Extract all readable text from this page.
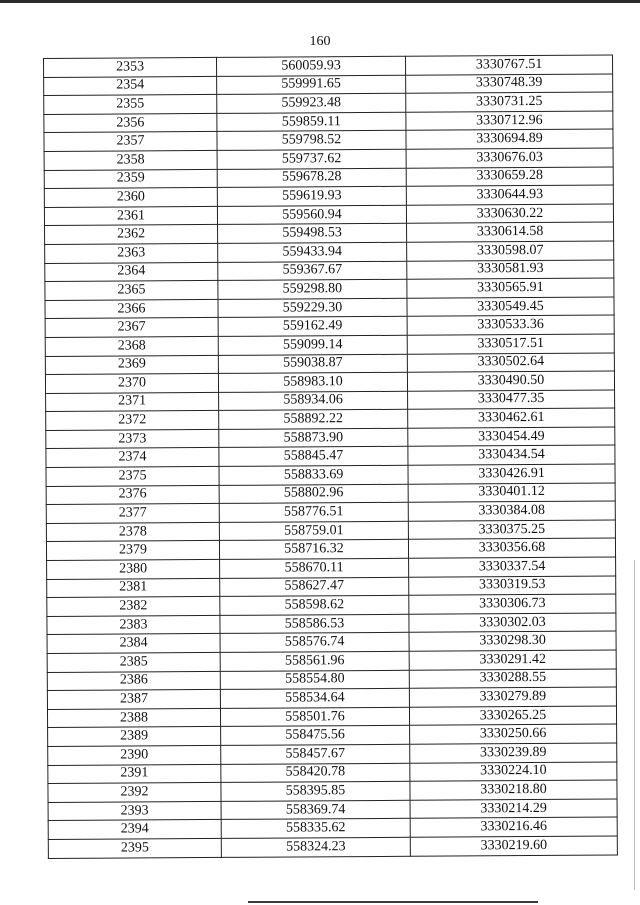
160
2353	560059.93	3330767.51
2354	559991.65	3330748.39
2355	559923.48	3330731.25
2356	559859.11	3330712.96
2357	559798.52	3330694.89
2358	559737.62	3330676.03
2359	559678.28	3330659.28
2360	559619.93	3330644.93
2361	559560.94	3330630.22
2362	559498.53	3330614.58
2363	559433.94	3330598.07
2364	559367.67	3330581.93
2365	559298.80	3330565.91
2366	559229.30	3330549.45
2367	559162.49	3330533.36
2368	559099.14	3330517.51
2369	559038.87	3330502.64
2370	558983.10	3330490.50
2371	558934.06	3330477.35
2372	558892.22	3330462.61
2373	558873.90	3330454.49
2374	558845.47	3330434.54
2375	558833.69	3330426.91
2376	558802.96	3330401.12
2377	558776.51	3330384.08
2378	558759.01	3330375.25
2379	558716.32	3330356.68
2380	558670.11	3330337.54
2381	558627.47	3330319.53
2382	558598.62	3330306.73
2383	558586.53	3330302.03
2384	558576.74	3330298.30
2385	558561.96	3330291.42
2386	558554.80	3330288.55
2387	558534.64	3330279.89
2388	558501.76	3330265.25
2389	558475.56	3330250.66
2390	558457.67	3330239.89
2391	558420.78	3330224.10
2392	558395.85	3330218.80
2393	558369.74	3330214.29
2394	558335.62	3330216.46
2395	558324.23	3330219.60
